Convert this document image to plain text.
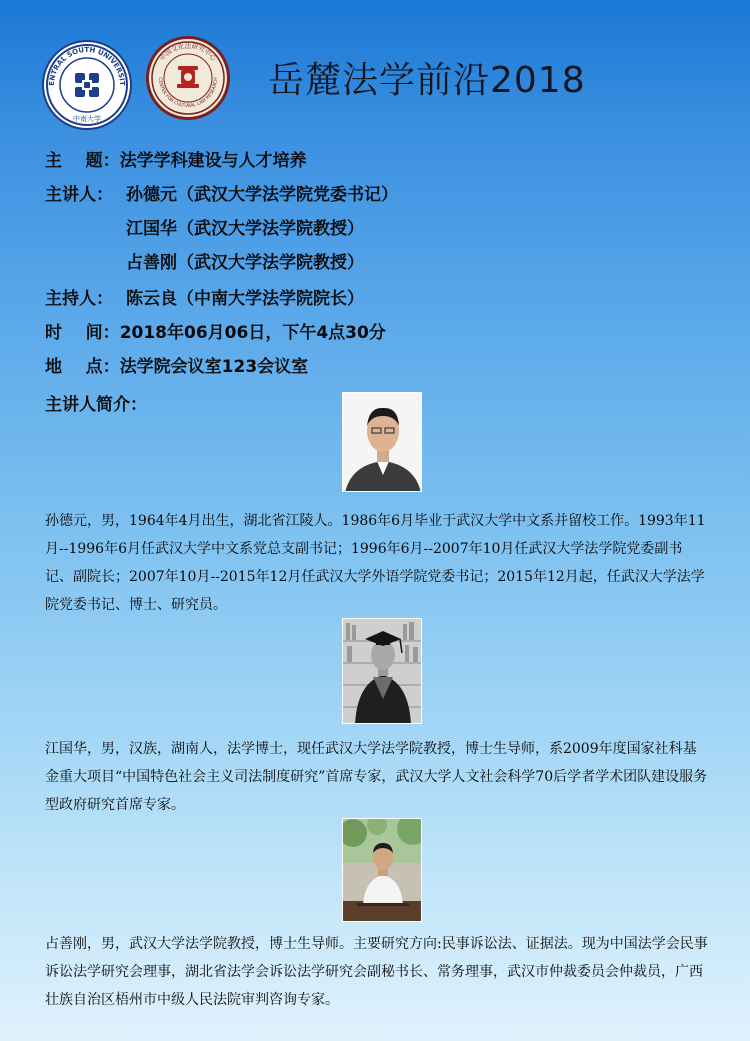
ENTRAL SOUTH UNIVERSIT
中南大学
中国文化法研究中心
CENTER FOR CULTURAL LAW RESEARCH 岳麓法学前沿2018
主    题：法学学科建设与人才培养
主讲人： 孙德元（武汉大学法学院党委书记）
江国华（武汉大学法学院教授）
占善刚（武汉大学法学院教授）
主持人： 陈云良（中南大学法学院院长）
时    间：2018年06月06日，下午4点30分
地    点：法学院会议室123会议室
主讲人简介：
孙德元，男，1964年4月出生，湖北省江陵人。1986年6月毕业于武汉大学中文系并留校工作。1993年11月--1996年6月任武汉大学中文系党总支副书记；1996年6月--2007年10月任武汉大学法学院党委副书记、副院长；2007年10月--2015年12月任武汉大学外语学院党委书记；2015年12月起，任武汉大学法学院党委书记、博士、研究员。
江国华，男，汉族，湖南人，法学博士，现任武汉大学法学院教授，博士生导师，系2009年度国家社科基金重大项目“中国特色社会主义司法制度研究”首席专家，武汉大学人文社会科学70后学者学术团队建设服务型政府研究首席专家。
占善刚，男，武汉大学法学院教授，博士生导师。主要研究方向:民事诉讼法、证据法。现为中国法学会民事诉讼法学研究会理事，湖北省法学会诉讼法学研究会副秘书长、常务理事，武汉市仲裁委员会仲裁员，广西壮族自治区梧州市中级人民法院审判咨询专家。
